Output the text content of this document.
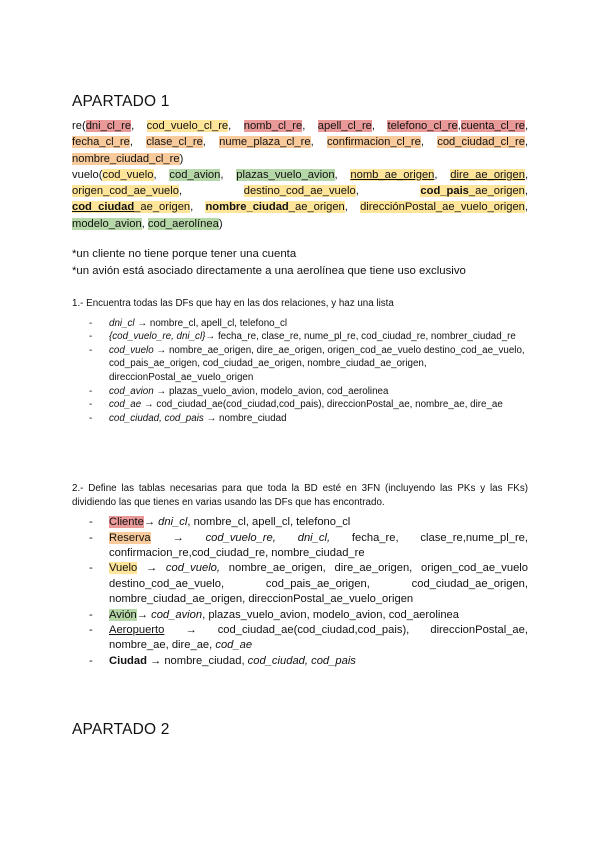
APARTADO 1
re(dni_cl_re, cod_vuelo_cl_re, nomb_cl_re, apell_cl_re, telefono_cl_re,cuenta_cl_re, fecha_cl_re, clase_cl_re, nume_plaza_cl_re, confirmacion_cl_re, cod_ciudad_cl_re, nombre_ciudad_cl_re)
vuelo(cod_vuelo, cod_avion, plazas_vuelo_avion, nomb_ae_origen, dire_ae_origen, origen_cod_ae_vuelo, destino_cod_ae_vuelo, cod_pais_ae_origen, cod_ciudad_ae_origen, nombre_ciudad_ae_origen, direcciónPostal_ae_vuelo_origen, modelo_avion, cod_aerolínea)
*un cliente no tiene porque tener una cuenta
*un avión está asociado directamente a una aerolínea que tiene uso exclusivo
1.- Encuentra todas las DFs que hay en las dos relaciones, y haz una lista
- dni_cl → nombre_cl, apell_cl, telefono_cl
- {cod_vuelo_re, dni_cl}→ fecha_re, clase_re, nume_pl_re, cod_ciudad_re, nombrer_ciudad_re
- cod_vuelo → nombre_ae_origen, dire_ae_origen, origen_cod_ae_vuelo destino_cod_ae_vuelo, cod_pais_ae_origen, cod_ciudad_ae_origen, nombre_ciudad_ae_origen, direccionPostal_ae_vuelo_origen
- cod_avion → plazas_vuelo_avion, modelo_avion, cod_aerolinea
- cod_ae → cod_ciudad_ae(cod_ciudad,cod_pais), direccionPostal_ae, nombre_ae, dire_ae
- cod_ciudad, cod_pais → nombre_ciudad
2.- Define las tablas necesarias para que toda la BD esté en 3FN (incluyendo las PKs y las FKs) dividiendo las que tienes en varias usando las DFs que has encontrado.
- Cliente→ dni_cl, nombre_cl, apell_cl, telefono_cl
- Reserva → cod_vuelo_re, dni_cl, fecha_re, clase_re,nume_pl_re, confirmacion_re,cod_ciudad_re, nombre_ciudad_re
- Vuelo → cod_vuelo, nombre_ae_origen, dire_ae_origen, origen_cod_ae_vuelo destino_cod_ae_vuelo, cod_pais_ae_origen, cod_ciudad_ae_origen, nombre_ciudad_ae_origen, direccionPostal_ae_vuelo_origen
- Avión→ cod_avion, plazas_vuelo_avion, modelo_avion, cod_aerolinea
- Aeropuerto → cod_ciudad_ae(cod_ciudad,cod_pais), direccionPostal_ae, nombre_ae, dire_ae, cod_ae
- Ciudad → nombre_ciudad, cod_ciudad, cod_pais
APARTADO 2
